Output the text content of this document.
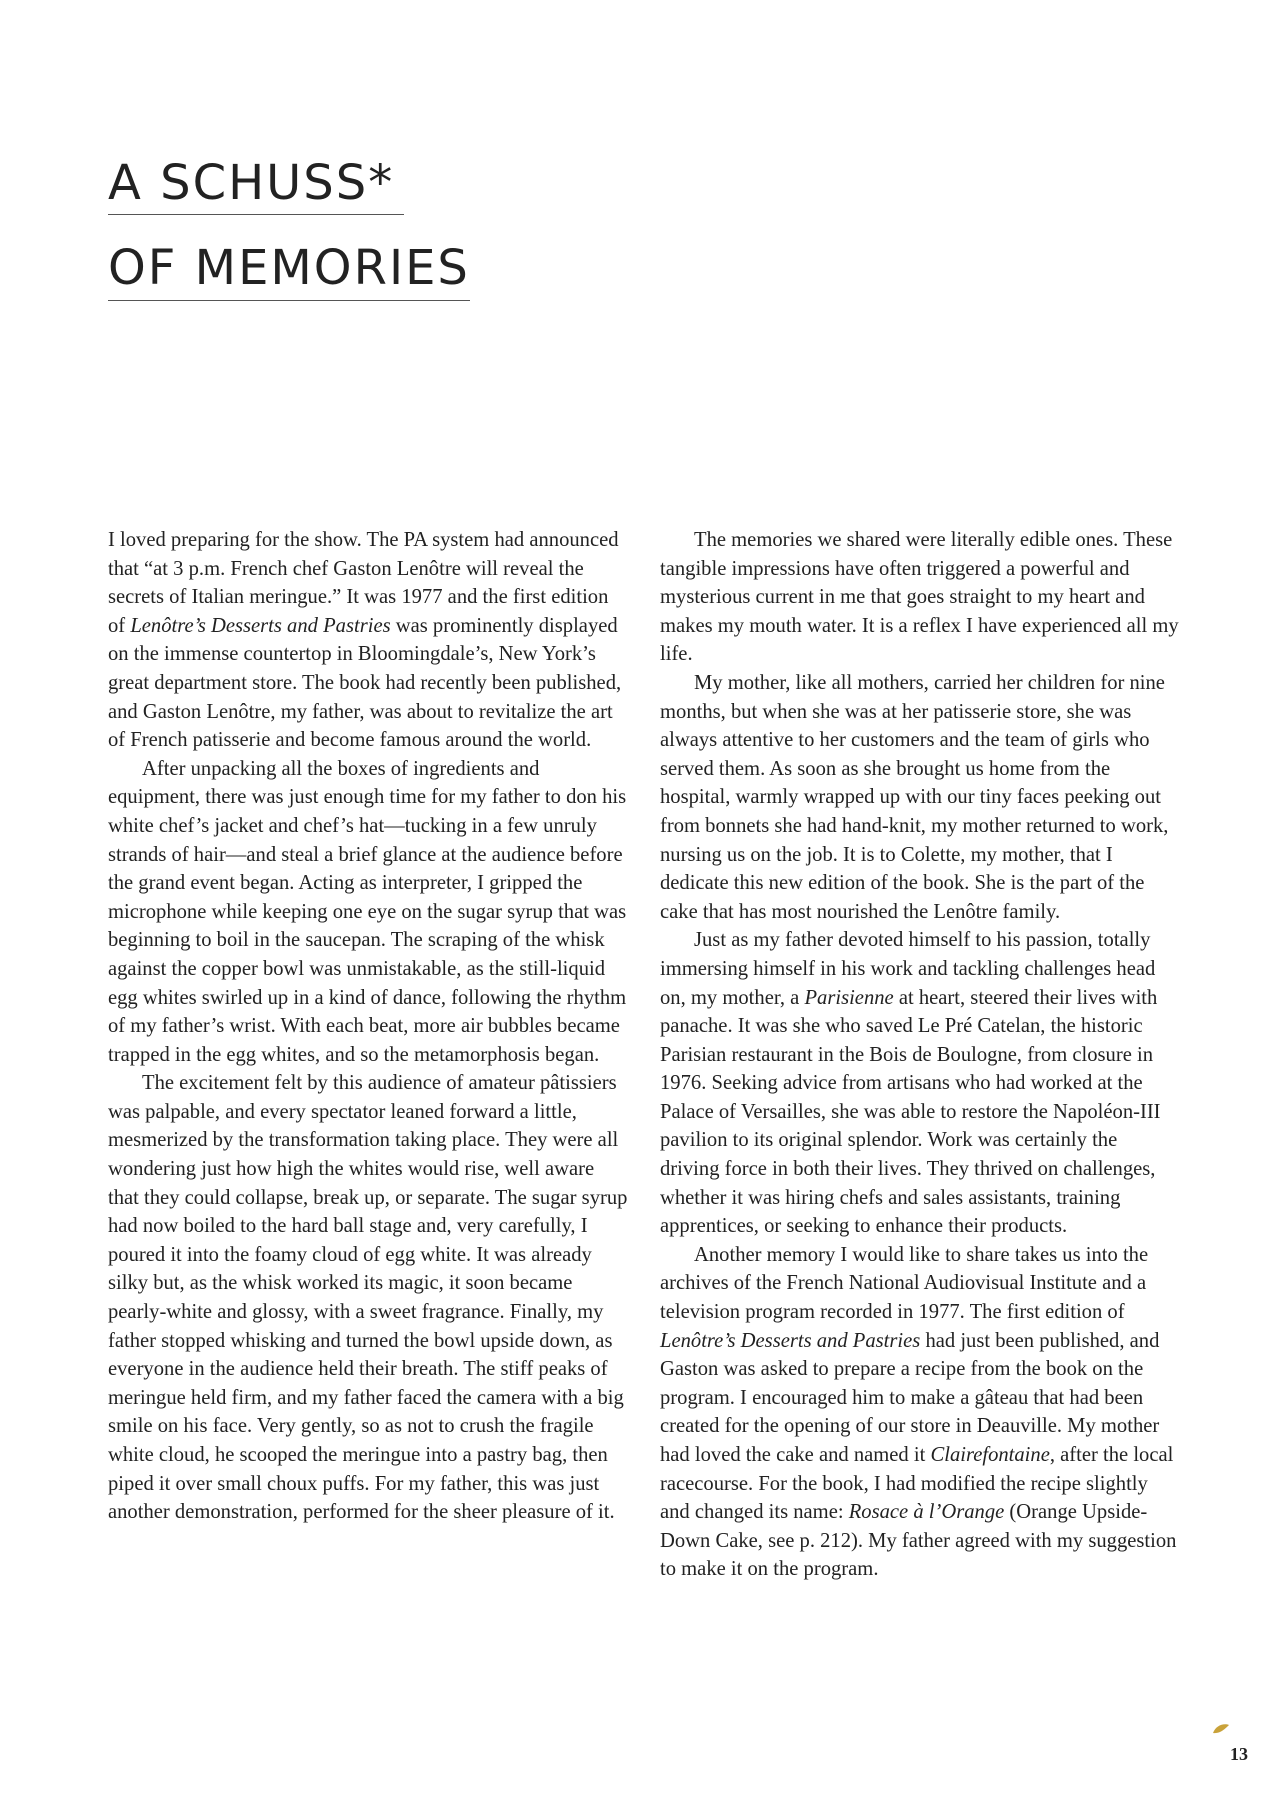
A SCHUSS*
OF MEMORIES

I loved preparing for the show. The PA system had announced that “at 3 p.m. French chef Gaston Lenôtre will reveal the secrets of Italian meringue.” It was 1977 and the first edition of Lenôtre’s Desserts and Pastries was prominently displayed on the immense countertop in Bloomingdale’s, New York’s great department store. The book had recently been published, and Gaston Lenôtre, my father, was about to revitalize the art of French patisserie and become famous around the world.

After unpacking all the boxes of ingredients and equipment, there was just enough time for my father to don his white chef’s jacket and chef’s hat—tucking in a few unruly strands of hair—and steal a brief glance at the audience before the grand event began. Acting as interpreter, I gripped the microphone while keeping one eye on the sugar syrup that was beginning to boil in the saucepan. The scraping of the whisk against the copper bowl was unmistakable, as the still-liquid egg whites swirled up in a kind of dance, following the rhythm of my father’s wrist. With each beat, more air bubbles became trapped in the egg whites, and so the metamorphosis began.

The excitement felt by this audience of amateur pâtissiers was palpable, and every spectator leaned forward a little, mesmerized by the transformation taking place. They were all wondering just how high the whites would rise, well aware that they could collapse, break up, or separate. The sugar syrup had now boiled to the hard ball stage and, very carefully, I poured it into the foamy cloud of egg white. It was already silky but, as the whisk worked its magic, it soon became pearly-white and glossy, with a sweet fragrance. Finally, my father stopped whisking and turned the bowl upside down, as everyone in the audience held their breath. The stiff peaks of meringue held firm, and my father faced the camera with a big smile on his face. Very gently, so as not to crush the fragile white cloud, he scooped the meringue into a pastry bag, then piped it over small choux puffs. For my father, this was just another demonstration, performed for the sheer pleasure of it.

The memories we shared were literally edible ones. These tangible impressions have often triggered a powerful and mysterious current in me that goes straight to my heart and makes my mouth water. It is a reflex I have experienced all my life.

My mother, like all mothers, carried her children for nine months, but when she was at her patisserie store, she was always attentive to her customers and the team of girls who served them. As soon as she brought us home from the hospital, warmly wrapped up with our tiny faces peeking out from bonnets she had hand-knit, my mother returned to work, nursing us on the job. It is to Colette, my mother, that I dedicate this new edition of the book. She is the part of the cake that has most nourished the Lenôtre family.

Just as my father devoted himself to his passion, totally immersing himself in his work and tackling challenges head on, my mother, a Parisienne at heart, steered their lives with panache. It was she who saved Le Pré Catelan, the historic Parisian restaurant in the Bois de Boulogne, from closure in 1976. Seeking advice from artisans who had worked at the Palace of Versailles, she was able to restore the Napoléon-III pavilion to its original splendor. Work was certainly the driving force in both their lives. They thrived on challenges, whether it was hiring chefs and sales assistants, training apprentices, or seeking to enhance their products.

Another memory I would like to share takes us into the archives of the French National Audiovisual Institute and a television program recorded in 1977. The first edition of Lenôtre’s Desserts and Pastries had just been published, and Gaston was asked to prepare a recipe from the book on the program. I encouraged him to make a gâteau that had been created for the opening of our store in Deauville. My mother had loved the cake and named it Clairefontaine, after the local racecourse. For the book, I had modified the recipe slightly and changed its name: Rosace à l’Orange (Orange Upside-Down Cake, see p. 212). My father agreed with my suggestion to make it on the program.

13
